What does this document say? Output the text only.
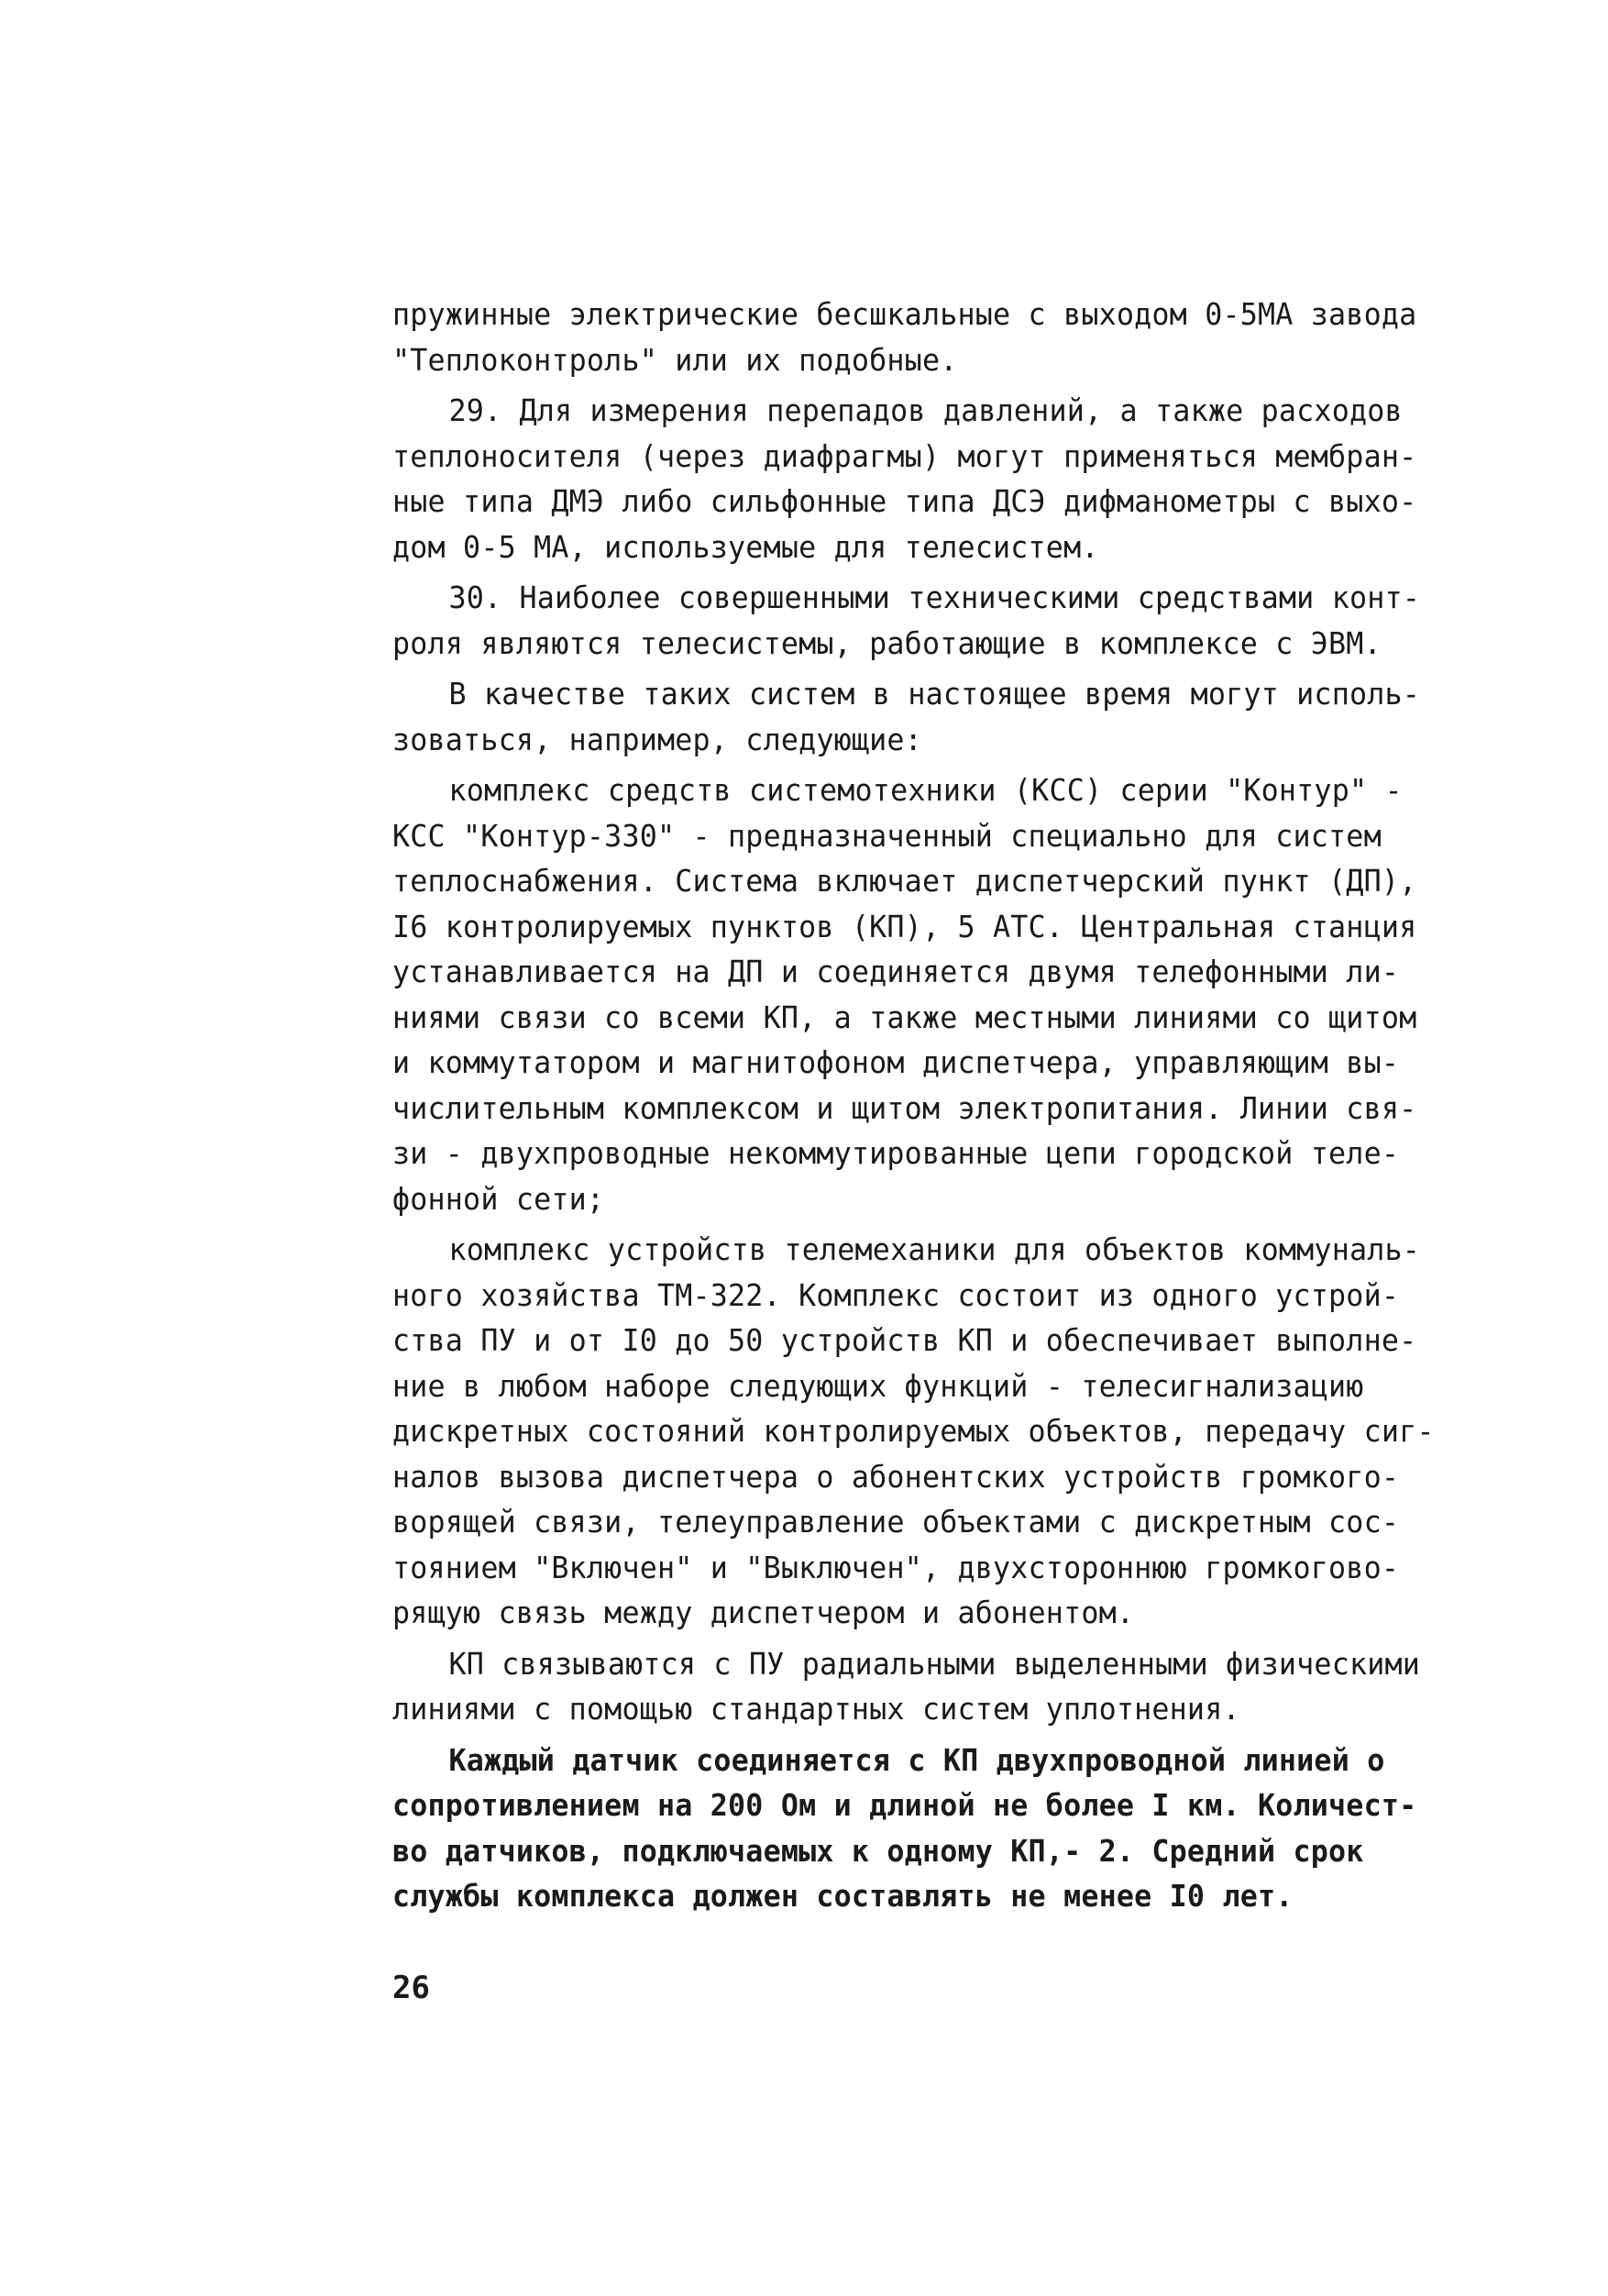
пружинные электрические бесшкальные с выходом 0-5МА завода
"Теплоконтроль" или их подобные.
29. Для измерения перепадов давлений, а также расходов
теплоносителя (через диафрагмы) могут применяться мембран-
ные типа ДМЭ либо сильфонные типа ДСЭ дифманометры с выхо-
дом 0-5 МА, используемые для телесистем.
30. Наиболее совершенными техническими средствами конт-
роля являются телесистемы, работающие в комплексе с ЭВМ.
В качестве таких систем в настоящее время могут исполь-
зоваться, например, следующие:
комплекс средств системотехники (КСС) серии "Контур" -
КСС "Контур-330" - предназначенный специально для систем
теплоснабжения. Система включает диспетчерский пункт (ДП),
I6 контролируемых пунктов (КП), 5 АТС. Центральная станция
устанавливается на ДП и соединяется двумя телефонными ли-
ниями связи со всеми КП, а также местными линиями со щитом
и коммутатором и магнитофоном диспетчера, управляющим вы-
числительным комплексом и щитом электропитания. Линии свя-
зи - двухпроводные некоммутированные цепи городской теле-
фонной сети;
комплекс устройств телемеханики для объектов коммуналь-
ного хозяйства ТМ-322. Комплекс состоит из одного устрой-
ства ПУ и от I0 до 50 устройств КП и обеспечивает выполне-
ние в любом наборе следующих функций - телесигнализацию
дискретных состояний контролируемых объектов, передачу сиг-
налов вызова диспетчера о абонентских устройств громкого-
ворящей связи, телеуправление объектами с дискретным сос-
тоянием "Включен" и "Выключен", двухстороннюю громкогово-
рящую связь между диспетчером и абонентом.
КП связываются с ПУ радиальными выделенными физическими
линиями с помощью стандартных систем уплотнения.
Каждый датчик соединяется с КП двухпроводной линией о
сопротивлением на 200 Ом и длиной не более I км. Количест-
во датчиков, подключаемых к одному КП,- 2. Средний срок
службы комплекса должен составлять не менее I0 лет.
26
